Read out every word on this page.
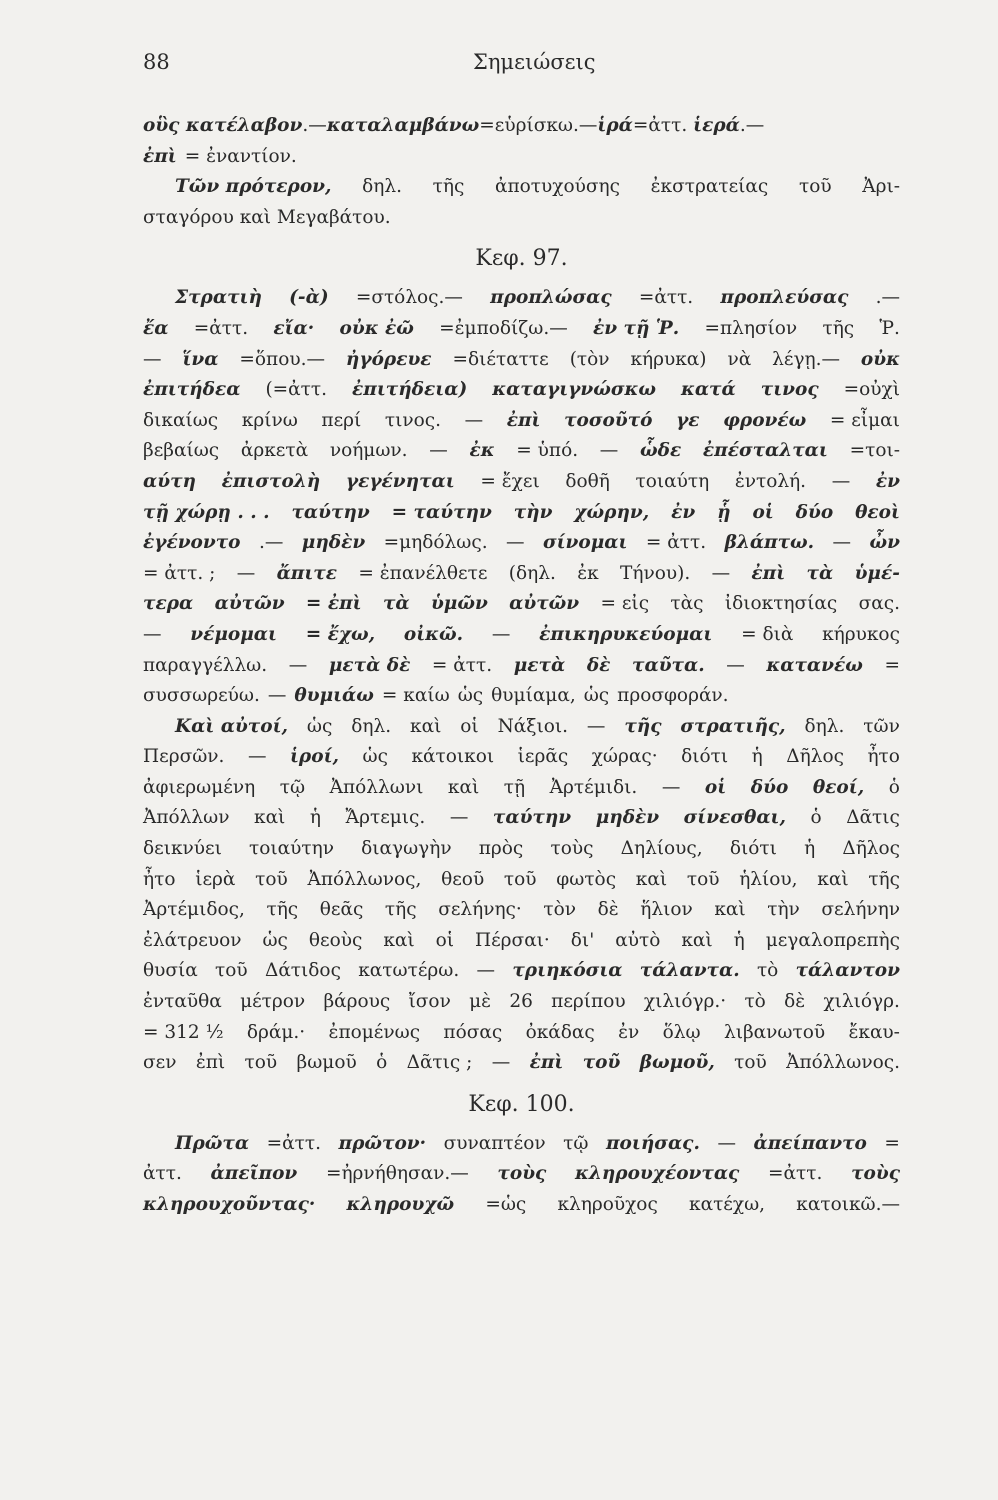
88	Σημειώσεις
οὓς κατέλαβον.—καταλαμβάνω=εὑρίσκω.—ἱρά=ἀττ. ἱερά.—
ἐπὶ = ἐναντίον.
Τῶν πρότερον, δηλ. τῆς ἀποτυχούσης ἐκστρατείας τοῦ Ἀρι-
σταγόρου καὶ Μεγαβάτου.
Κεφ. 97.
Στρατιὴ (-ὰ) =στόλος.— προπλώσας =ἀττ. προπλεύσας .—
ἔα =ἀττ. εἴα· οὐκ ἐῶ =ἐμποδίζω.— ἐν τῇ Ῥ. =πλησίον τῆς Ῥ.
— ἵνα =ὅπου.— ἠγόρευε =διέταττε (τὸν κήρυκα) νὰ λέγῃ.— οὐκ
ἐπιτήδεα (=ἀττ. ἐπιτήδεια) καταγιγνώσκω κατά τινος =οὐχὶ
δικαίως κρίνω περί τινος. — ἐπὶ τοσοῦτό γε φρονέω = εἶμαι
βεβαίως ἀρκετὰ νοήμων. — ἐκ = ὑπό. — ὧδε ἐπέσταλται =τοι-
αύτη ἐπιστολὴ γεγένηται = ἔχει δοθῆ τοιαύτη ἐντολή. — ἐν
τῇ χώρῃ . . . ταύτην = ταύτην τὴν χώρην, ἐν ᾗ οἱ δύο θεοὶ
ἐγένοντο .— μηδὲν =μηδόλως. — σίνομαι = ἀττ. βλάπτω. — ὦν
= ἀττ. ; — ἄπιτε = ἐπανέλθετε (δηλ. ἐκ Τήνου). — ἐπὶ τὰ ὑμέ-
τερα αὐτῶν = ἐπὶ τὰ ὑμῶν αὐτῶν = εἰς τὰς ἰδιοκτησίας σας.
— νέμομαι = ἔχω, οἰκῶ. — ἐπικηρυκεύομαι = διὰ κήρυκος
παραγγέλλω. — μετὰ δὲ = ἀττ. μετὰ δὲ ταῦτα. — κατανέω =
συσσωρεύω. — θυμιάω = καίω ὡς θυμίαμα, ὡς προσφοράν.
Καὶ αὐτοί, ὡς δηλ. καὶ οἱ Νάξιοι. — τῆς στρατιῆς, δηλ. τῶν
Περσῶν. — ἱροί, ὡς κάτοικοι ἱερᾶς χώρας· διότι ἡ Δῆλος ἦτο
ἀφιερωμένη τῷ Ἀπόλλωνι καὶ τῇ Ἀρτέμιδι. — οἱ δύο θεοί, ὁ
Ἀπόλλων καὶ ἡ Ἄρτεμις. — ταύτην μηδὲν σίνεσθαι, ὁ Δᾶτις
δεικνύει τοιαύτην διαγωγὴν πρὸς τοὺς Δηλίους, διότι ἡ Δῆλος
ἦτο ἱερὰ τοῦ Ἀπόλλωνος, θεοῦ τοῦ φωτὸς καὶ τοῦ ἡλίου, καὶ τῆς
Ἀρτέμιδος, τῆς θεᾶς τῆς σελήνης· τὸν δὲ ἥλιον καὶ τὴν σελήνην
ἐλάτρευον ὡς θεοὺς καὶ οἱ Πέρσαι· δι' αὐτὸ καὶ ἡ μεγαλοπρεπὴς
θυσία τοῦ Δάτιδος κατωτέρω. — τριηκόσια τάλαντα. τὸ τάλαντον
ἐνταῦθα μέτρον βάρους ἴσον μὲ 26 περίπου χιλιόγρ.· τὸ δὲ χιλιόγρ.
= 312 ½ δράμ.· ἐπομένως πόσας ὀκάδας ἐν ὅλῳ λιβανωτοῦ ἔκαυ-
σεν ἐπὶ τοῦ βωμοῦ ὁ Δᾶτις ; — ἐπὶ τοῦ βωμοῦ, τοῦ Ἀπόλλωνος.
Κεφ. 100.
Πρῶτα =ἀττ. πρῶτον· συναπτέον τῷ ποιήσας. — ἀπείπαντο =
ἀττ. ἀπεῖπον =ἠρνήθησαν.— τοὺς κληρουχέοντας =ἀττ. τοὺς
κληρουχοῦντας· κληρουχῶ =ὡς κληροῦχος κατέχω, κατοικῶ.—
